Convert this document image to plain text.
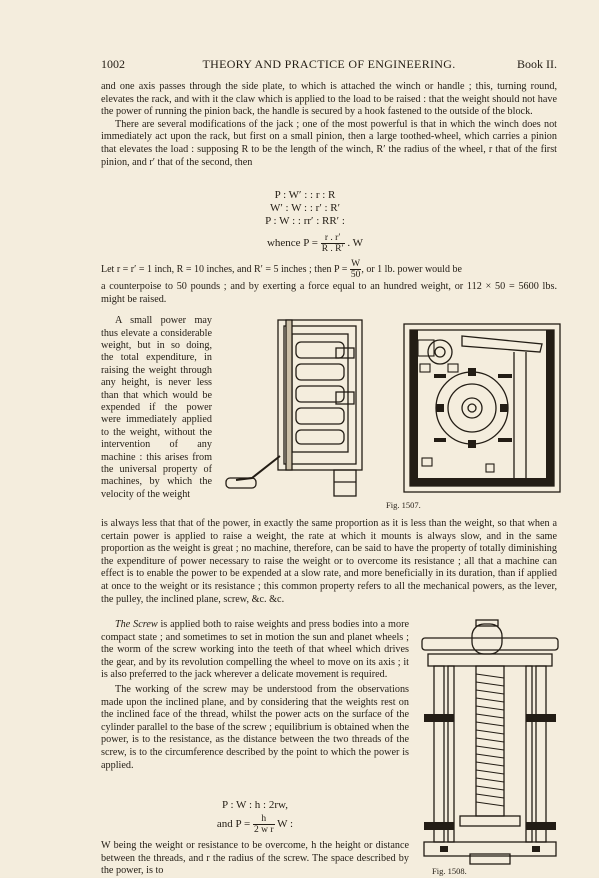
1002	THEORY AND PRACTICE OF ENGINEERING.	Book II.

and one axis passes through the side plate, to which is attached the winch or handle ; this, turning round, elevates the rack, and with it the claw which is applied to the load to be raised : that the weight should not have the power of running the pinion back, the handle is secured by a hook fastened to the outside of the block.

There are several modifications of the jack ; one of the most powerful is that in which the winch does not immediately act upon the rack, but first on a small pinion, then a large toothed-wheel, which carries a pinion that elevates the load : supposing R to be the length of the winch, R′ the radius of the wheel, r that of the first pinion, and r′ that of the second, then

P : W′ : : r : R
W′ : W : : r′ : R′
P : W : : rr′ : RR′ :
whence $P = \frac{r . r'}{R . R'}$ . W
Let r = r′ = 1 inch, R = 10 inches, and R′ = 5 inches ; then $P = \frac{W}{50}$ , or 1 lb. power would be

a counterpoise to 50 pounds ; and by exerting a force equal to an hundred weight, or 112 × 50 = 5600 lbs. might be raised.

A small power may thus elevate a considerable weight, but in so doing, the total expenditure, in raising the weight through any height, is never less than that which would be expended if the power were immediately applied to the weight, without the intervention of any machine : this arises from the universal property of machines, by which the velocity of the weight

Fig. 1507.

is always less that that of the power, in exactly the same proportion as it is less than the weight, so that when a certain power is applied to raise a weight, the rate at which it mounts is always slow, and in the same proportion as the weight is great ; no machine, therefore, can be said to have the property of totally diminishing the expenditure of power necessary to raise the weight or to overcome its resistance ; all that a machine can effect is to enable the power to be expended at a slow rate, and more beneficially in its duration, than if applied at once to the weight or its resistance ; this common property refers to all the mechanical powers, as the lever, the pulley, the inclined plane, screw, &c. &c.

The Screw is applied both to raise weights and press bodies into a more compact state ; and sometimes to set in motion the sun and planet wheels ; the worm of the screw working into the teeth of that wheel which drives the gear, and by its revolution compelling the wheel to move on its axis ; it is also preferred to the jack wherever a delicate movement is required.

The working of the screw may be understood from the observations made upon the inclined plane, and by considering that the weights rest on the inclined face of the thread, whilst the power acts on the surface of the cylinder parallel to the base of the screw ; equilibrium is obtained when the power, is to the resistance, as the distance between the two threads of the screw, is to the circumference described by the point to which the power is applied.

P : W : h : 2rw,
and $P = \frac{h}{\text{2 w r}}$ W :

W being the weight or resistance to be overcome, h the height or distance between the threads, and r the radius of the screw. The space described by the power, is to	Fig. 1508.
